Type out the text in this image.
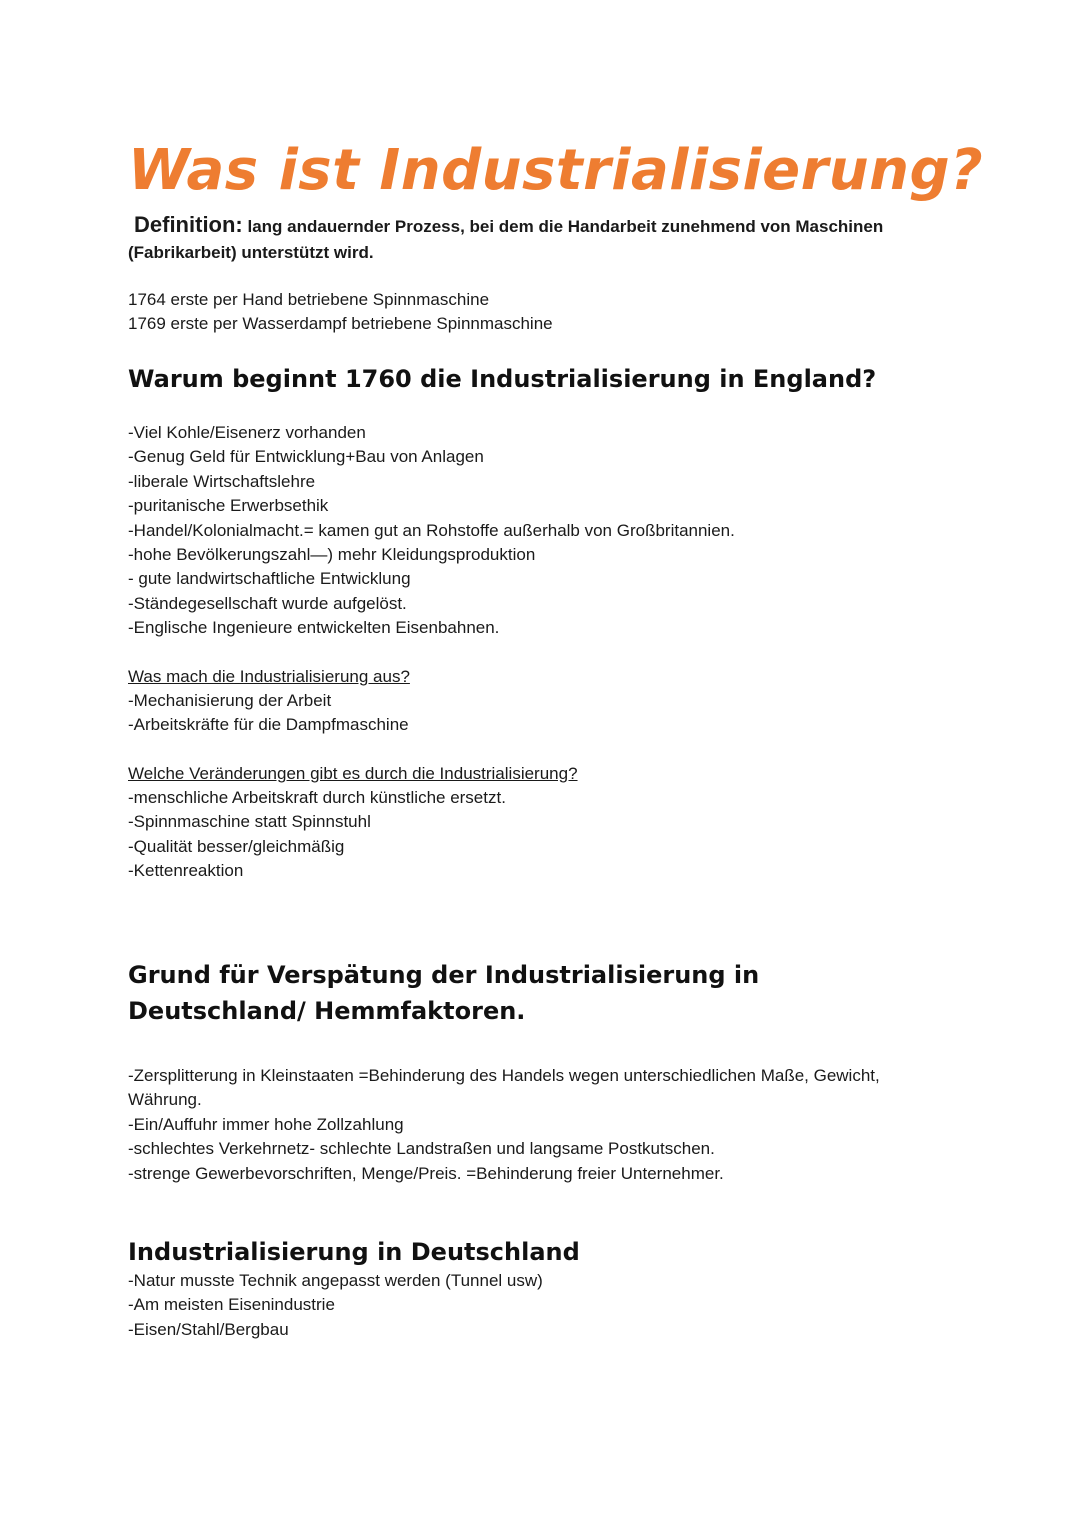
Was ist Industrialisierung?
Definition: lang andauernder Prozess, bei dem die Handarbeit zunehmend von Maschinen (Fabrikarbeit) unterstützt wird.
1764 erste per Hand betriebene Spinnmaschine
1769 erste per Wasserdampf betriebene Spinnmaschine
Warum beginnt 1760 die Industrialisierung in England?
-Viel Kohle/Eisenerz vorhanden
-Genug Geld für Entwicklung+Bau von Anlagen
-liberale Wirtschaftslehre
-puritanische Erwerbsethik
-Handel/Kolonialmacht.= kamen gut an Rohstoffe außerhalb von Großbritannien.
-hohe Bevölkerungszahl—) mehr Kleidungsproduktion
- gute landwirtschaftliche Entwicklung
-Ständegesellschaft wurde aufgelöst.
-Englische Ingenieure entwickelten Eisenbahnen.
Was mach die Industrialisierung aus?
-Mechanisierung der Arbeit
-Arbeitskräfte für die Dampfmaschine
Welche Veränderungen gibt es durch die Industrialisierung?
-menschliche Arbeitskraft durch künstliche ersetzt.
-Spinnmaschine statt Spinnstuhl
-Qualität besser/gleichmäßig
-Kettenreaktion
Grund für Verspätung der Industrialisierung in Deutschland/ Hemmfaktoren.
-Zersplitterung in Kleinstaaten =Behinderung des Handels wegen unterschiedlichen Maße, Gewicht, Währung.
-Ein/Auffuhr immer hohe Zollzahlung
-schlechtes Verkehrnetz- schlechte Landstraßen und langsame Postkutschen.
-strenge Gewerbevorschriften, Menge/Preis. =Behinderung freier Unternehmer.
Industrialisierung in Deutschland
-Natur musste Technik angepasst werden (Tunnel usw)
-Am meisten Eisenindustrie
-Eisen/Stahl/Bergbau
